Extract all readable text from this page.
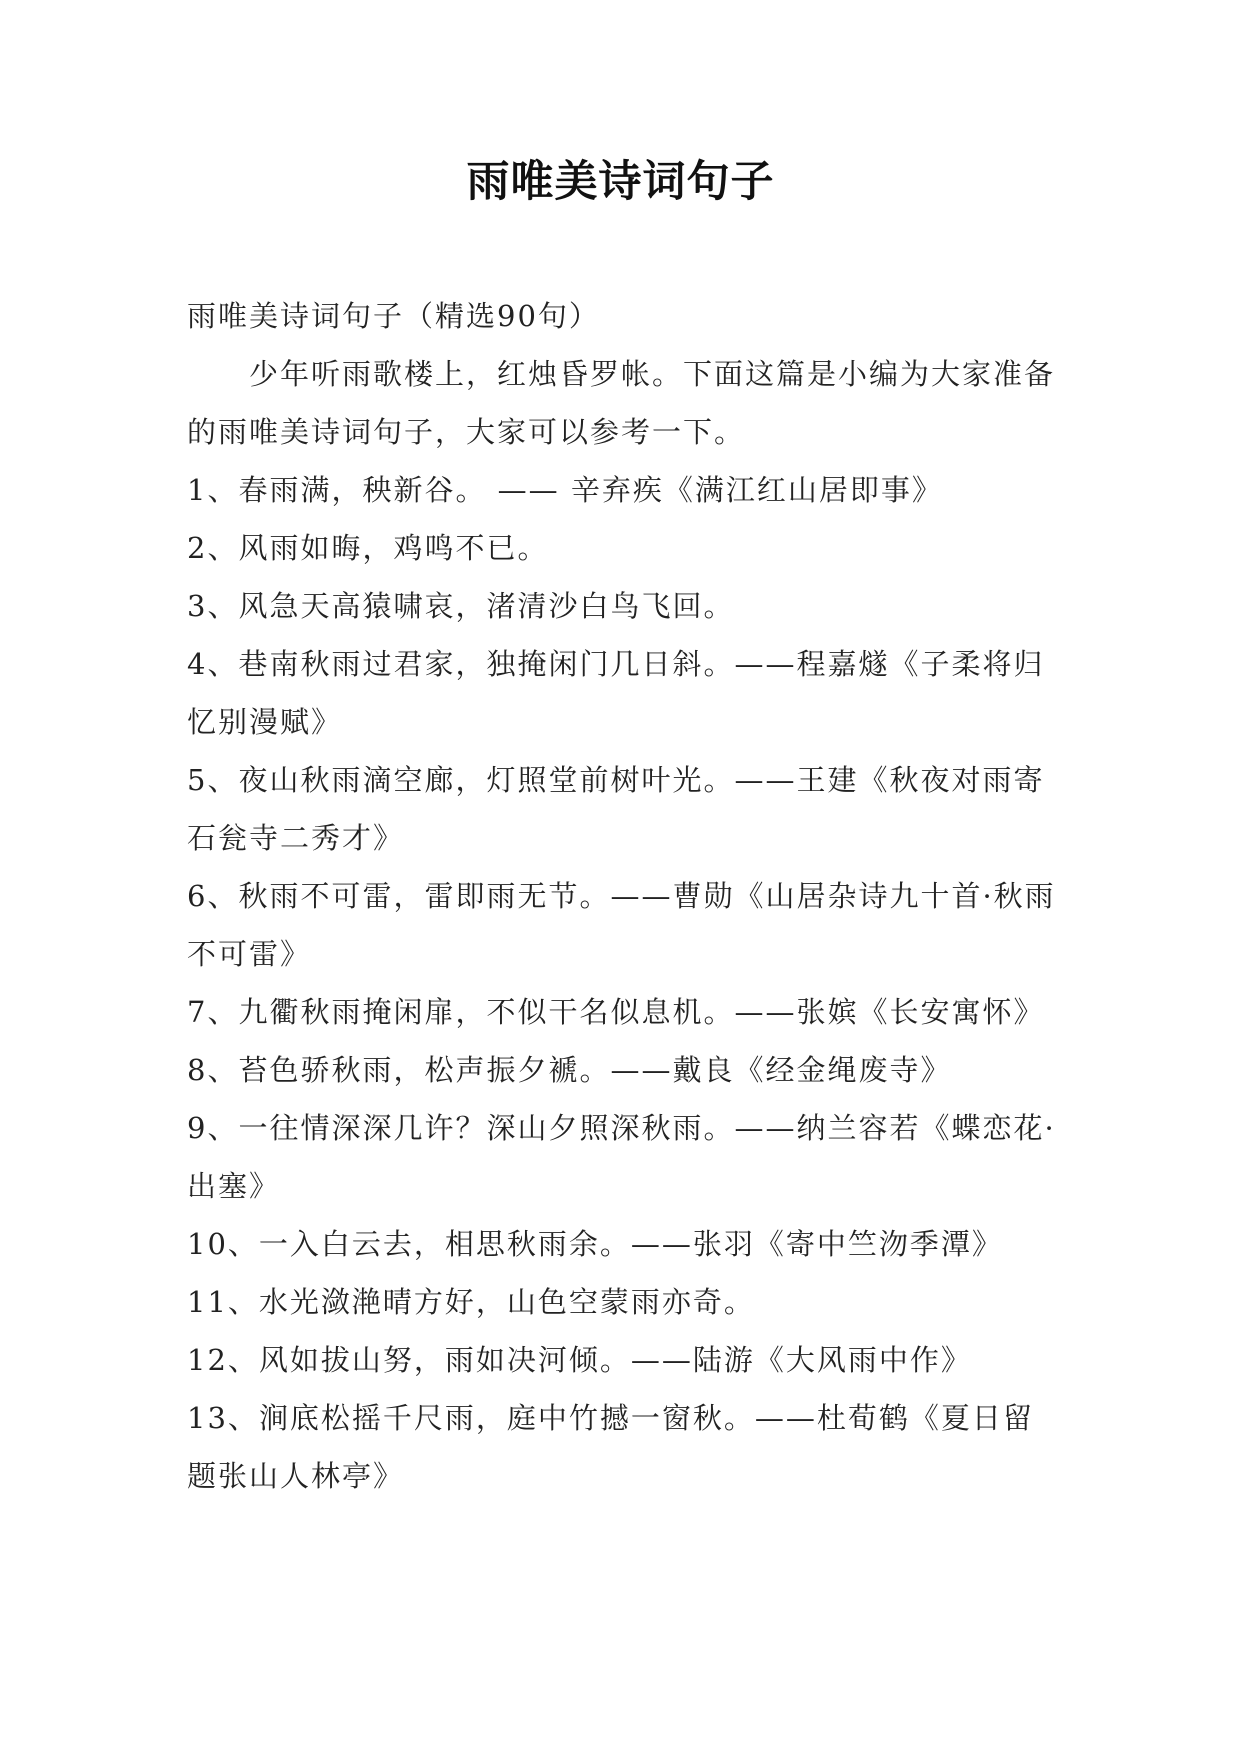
雨唯美诗词句子

雨唯美诗词句子（精选90句）

少年听雨歌楼上，红烛昏罗帐。下面这篇是小编为大家准备的雨唯美诗词句子，大家可以参考一下。

1、春雨满，秧新谷。 —— 辛弃疾《满江红山居即事》

2、风雨如晦，鸡鸣不已。

3、风急天高猿啸哀，渚清沙白鸟飞回。

4、巷南秋雨过君家，独掩闲门几日斜。——程嘉燧《子柔将归忆别漫赋》

5、夜山秋雨滴空廊，灯照堂前树叶光。——王建《秋夜对雨寄石瓮寺二秀才》

6、秋雨不可雷，雷即雨无节。——曹勋《山居杂诗九十首·秋雨不可雷》

7、九衢秋雨掩闲扉，不似干名似息机。——张嫔《长安寓怀》

8、苔色骄秋雨，松声振夕褫。——戴良《经金绳废寺》

9、一往情深深几许？深山夕照深秋雨。——纳兰容若《蝶恋花·出塞》

10、一入白云去，相思秋雨余。——张羽《寄中竺沕季潭》

11、水光潋滟晴方好，山色空蒙雨亦奇。

12、风如拔山努，雨如决河倾。——陆游《大风雨中作》

13、涧底松摇千尺雨，庭中竹撼一窗秋。——杜荀鹤《夏日留题张山人林亭》
